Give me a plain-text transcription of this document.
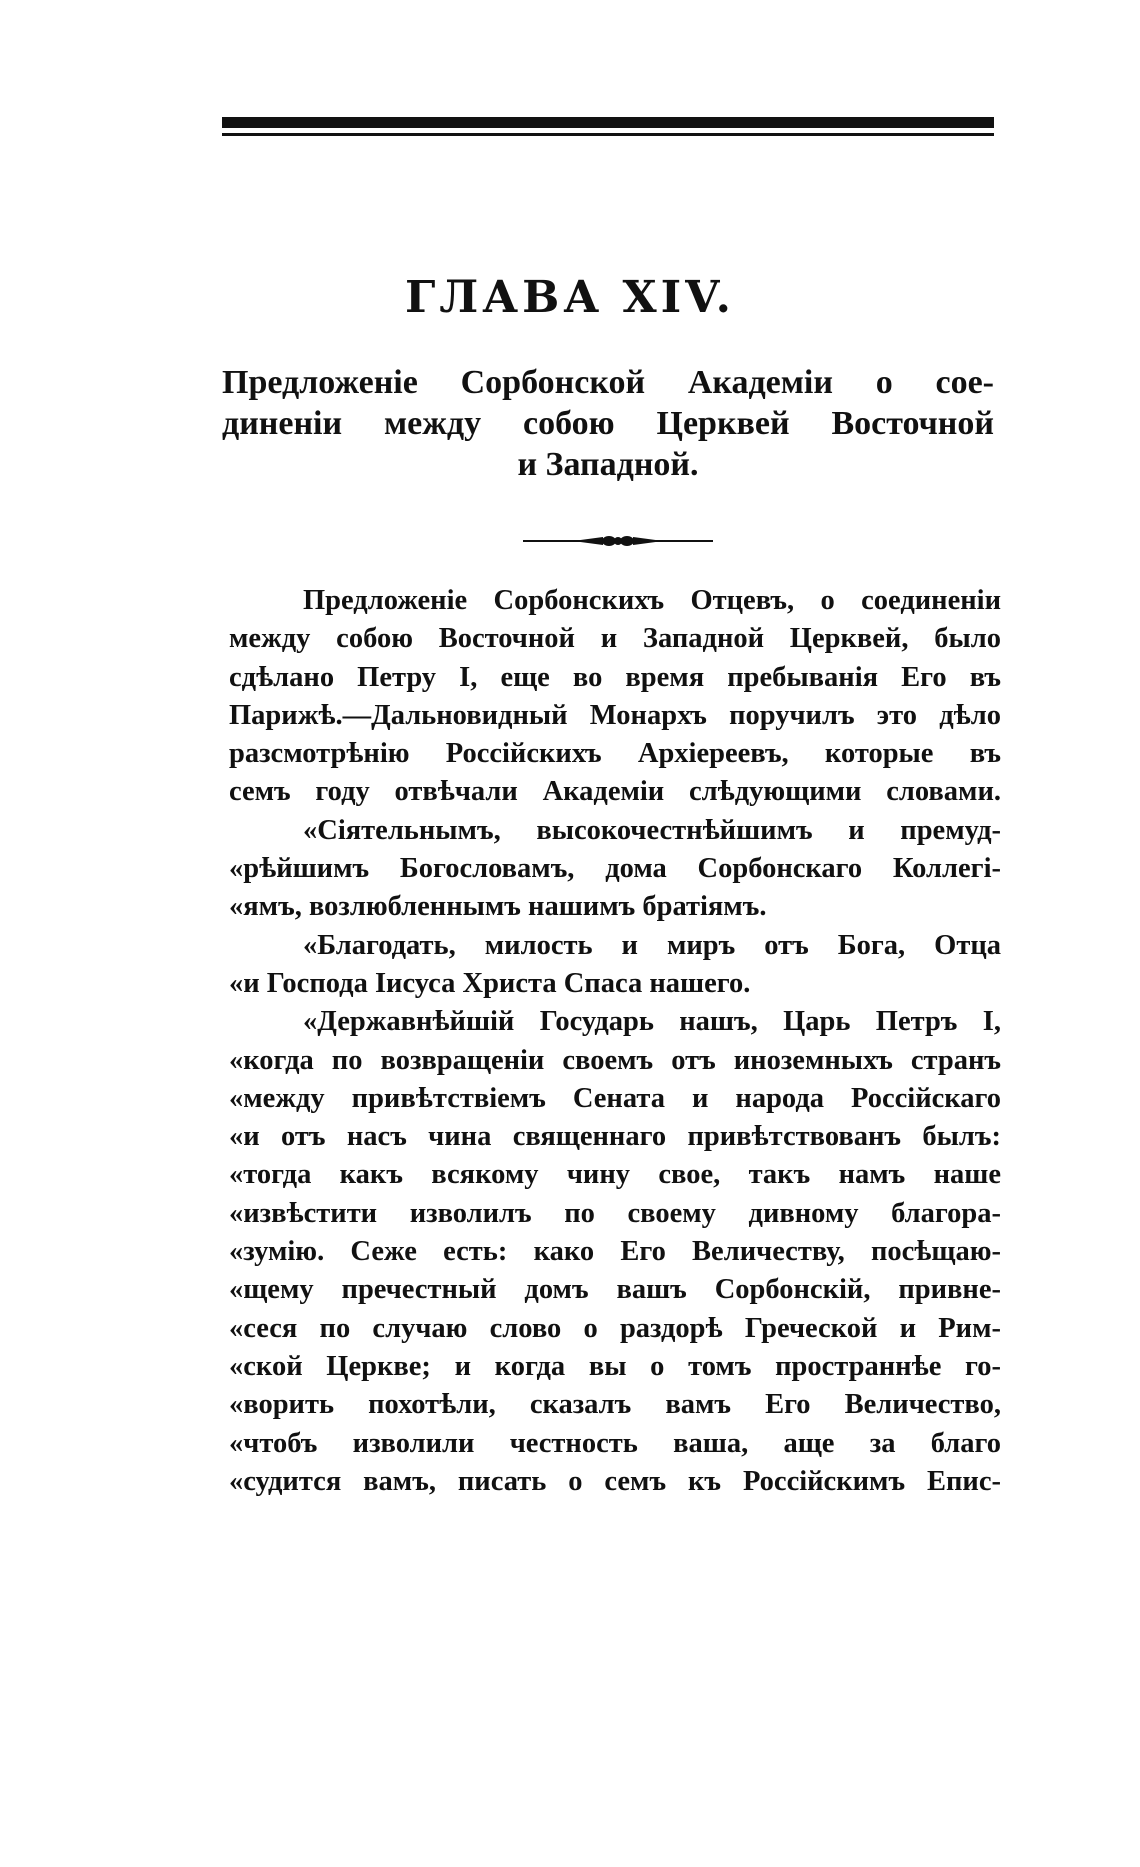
ГЛАВА XIV.
Предложеніе Сорбонской Академіи о сое-
диненіи между собою Церквей Восточной
и Западной.
Предложеніе Сорбонскихъ Отцевъ, о соединеніи
между собою Восточной и Западной Церквей, было
сдѣлано Петру I, еще во время пребыванія Его въ
Парижѣ.—Дальновидный Монархъ поручилъ это дѣло
разсмотрѣнію Россійскихъ Архіереевъ, которые въ
семъ году отвѣчали Академіи слѣдующими словами.
«Сіятельнымъ, высокочестнѣйшимъ и премуд-
«рѣйшимъ Богословамъ, дома Сорбонскаго Коллегі-
«ямъ, возлюбленнымъ нашимъ братіямъ.
«Благодать, милость и миръ отъ Бога, Отца
«и Господа Іисуса Христа Спаса нашего.
«Державнѣйшій Государь нашъ, Царь Петръ I,
«когда по возвращеніи своемъ отъ иноземныхъ странъ
«между привѣтствіемъ Сената и народа Россійскаго
«и отъ насъ чина священнаго привѣтствованъ былъ:
«тогда какъ всякому чину свое, такъ намъ наше
«извѣстити изволилъ по своему дивному благора-
«зумію. Сеже есть: како Его Величеству, посѣщаю-
«щему пречестный домъ вашъ Сорбонскій, привне-
«сеся по случаю слово о раздорѣ Греческой и Рим-
«ской Церкве; и когда вы о томъ пространнѣе го-
«ворить похотѣли, сказалъ вамъ Его Величество,
«чтобъ изволили честность ваша, аще за благо
«судится вамъ, писать о семъ къ Россійскимъ Епис-
